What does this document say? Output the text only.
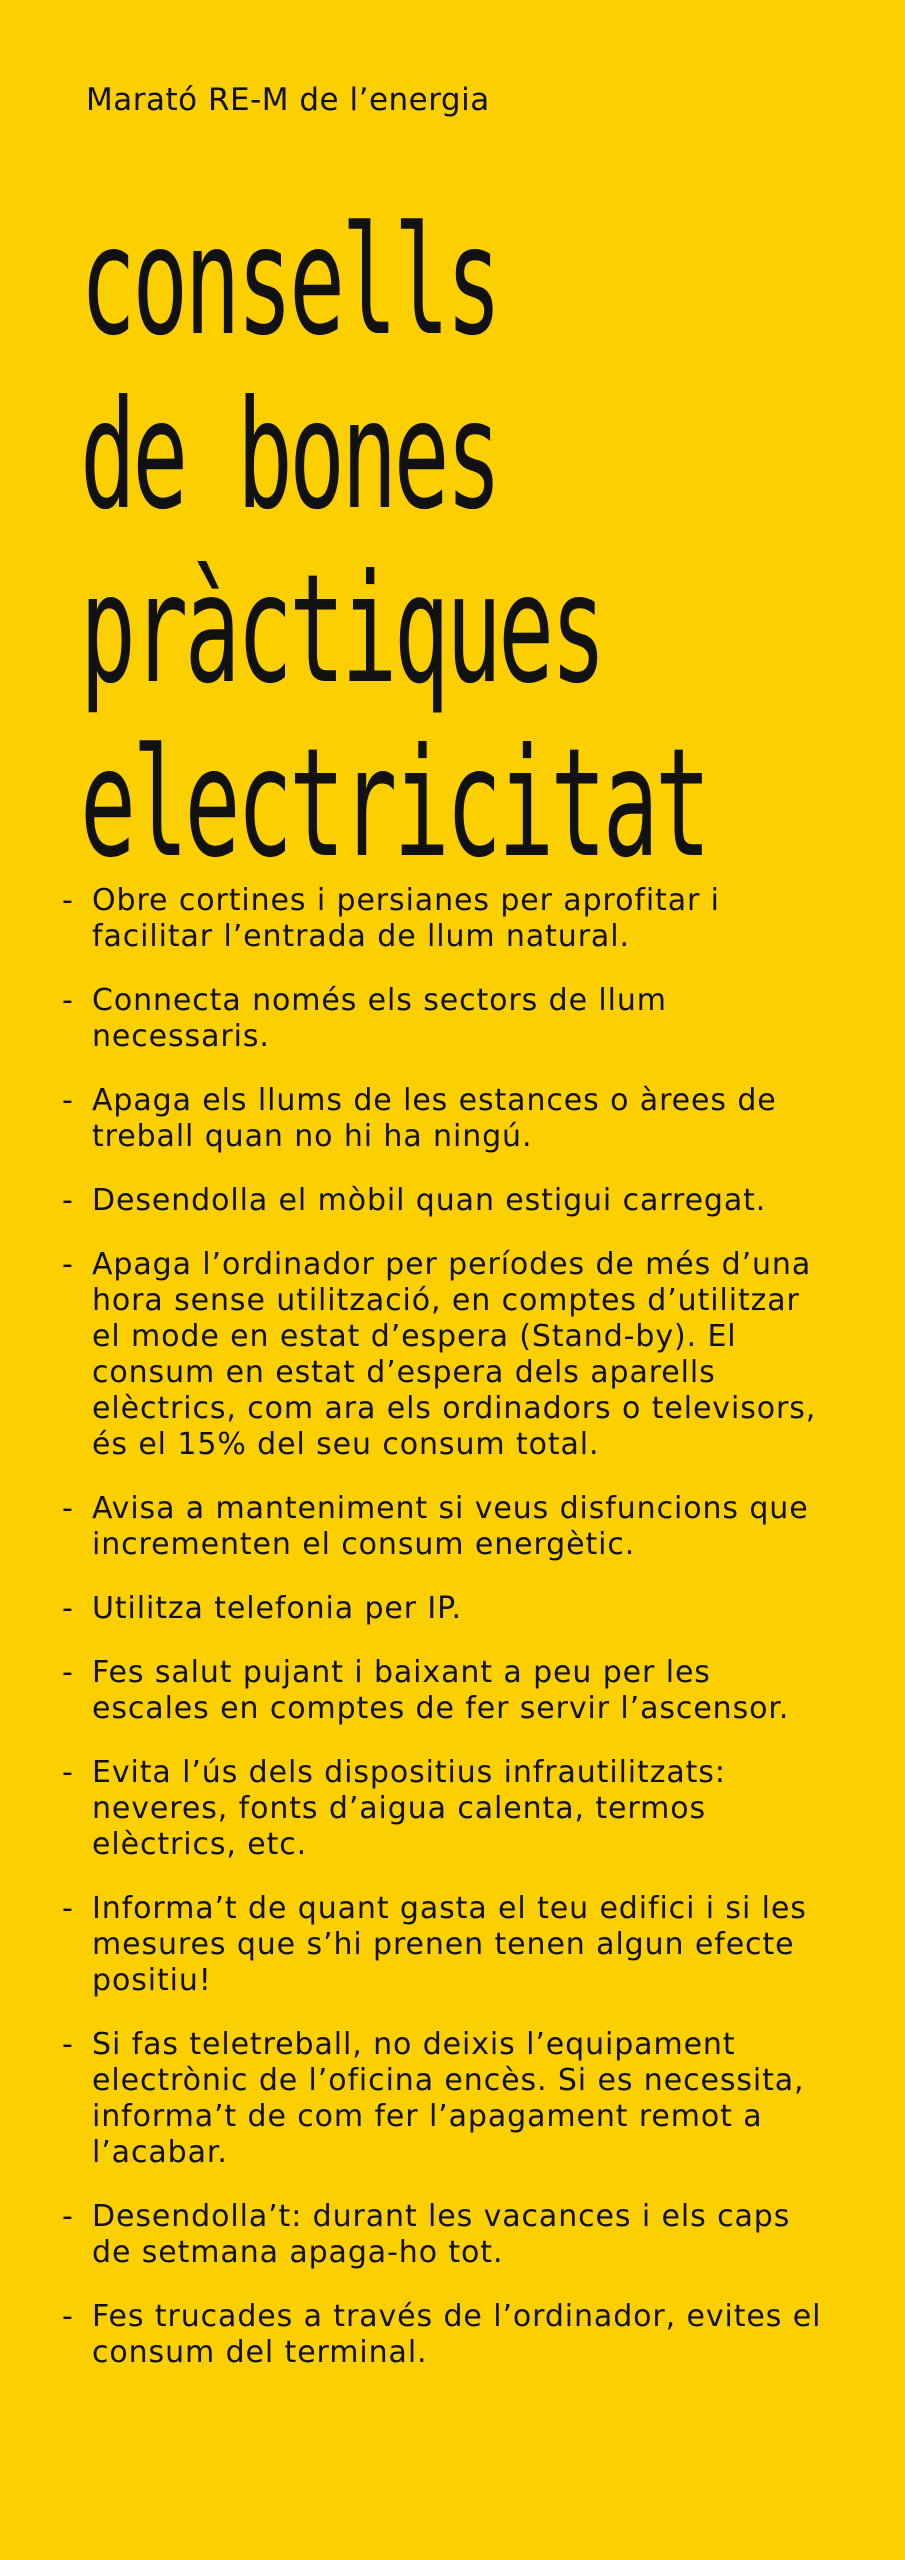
Marató RE-M de l’energia
consells
de bones
pràctiques
electricitat
- Obre cortines i persianes per aprofitar i facilitar l’entrada de llum natural.
- Connecta només els sectors de llum necessaris.
- Apaga els llums de les estances o àrees de treball quan no hi ha ningú.
- Desendolla el mòbil quan estigui carregat.
- Apaga l’ordinador per períodes de més d’una hora sense utilització, en comptes d’utilitzar el mode en estat d’espera (Stand-by). El consum en estat d’espera dels aparells elèctrics, com ara els ordinadors o televisors, és el 15% del seu consum total.
- Avisa a manteniment si veus disfuncions que incrementen el consum energètic.
- Utilitza telefonia per IP.
- Fes salut pujant i baixant a peu per les escales en comptes de fer servir l’ascensor.
- Evita l’ús dels dispositius infrautilitzats: neveres, fonts d’aigua calenta, termos elèctrics, etc.
- Informa’t de quant gasta el teu edifici i si les mesures que s’hi prenen tenen algun efecte positiu!
- Si fas teletreball, no deixis l’equipament electrònic de l’oficina encès. Si es necessita, informa’t de com fer l’apagament remot a l’acabar.
- Desendolla’t: durant les vacances i els caps de setmana apaga-ho tot.
- Fes trucades a través de l’ordinador, evites el consum del terminal.
